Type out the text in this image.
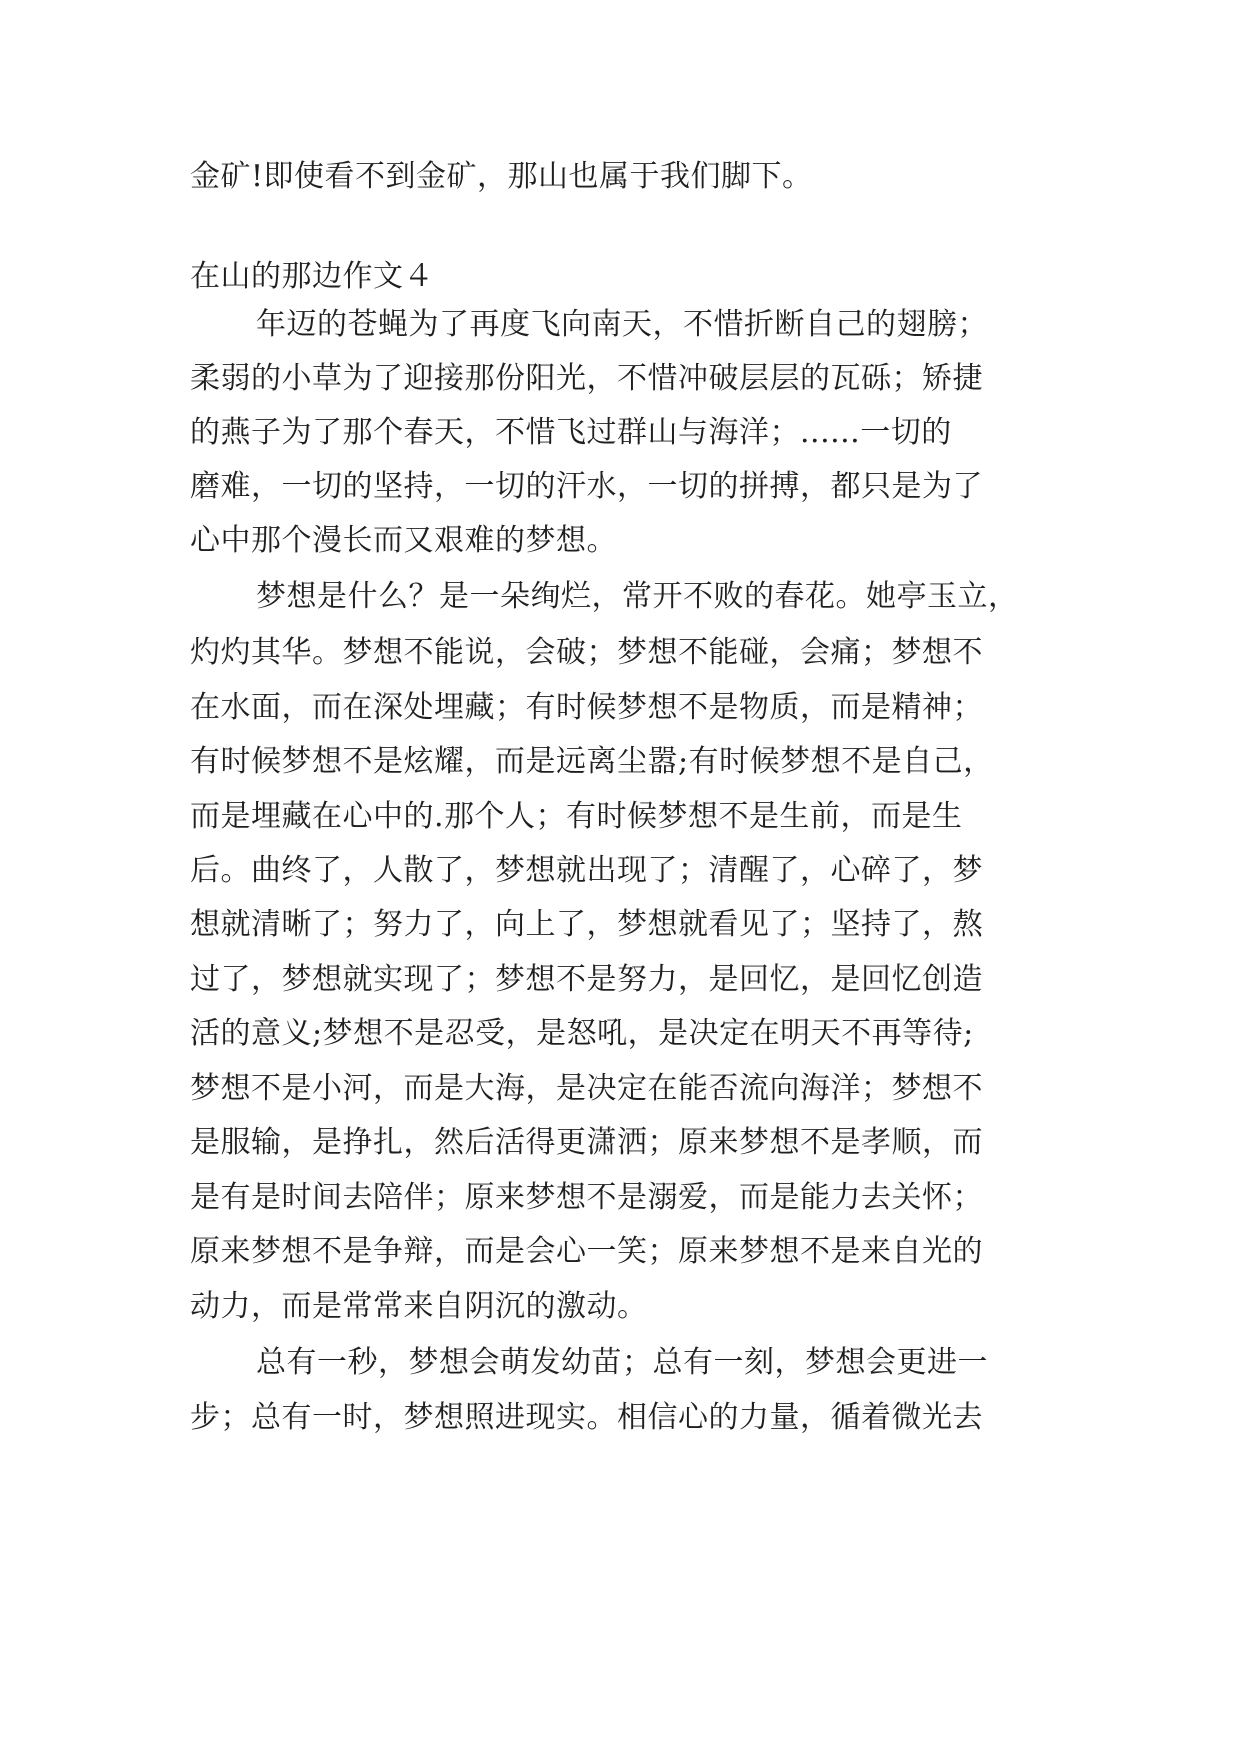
金矿!即使看不到金矿，那山也属于我们脚下。
在山的那边作文４
年迈的苍蝇为了再度飞向南天，不惜折断自己的翅膀；
柔弱的小草为了迎接那份阳光，不惜冲破层层的瓦砾；矫捷
的燕子为了那个春天，不惜飞过群山与海洋；......一切的
磨难，一切的坚持，一切的汗水，一切的拼搏，都只是为了
心中那个漫长而又艰难的梦想。
梦想是什么？是一朵绚烂，常开不败的春花。她亭玉立，
灼灼其华。梦想不能说，会破；梦想不能碰，会痛；梦想不
在水面，而在深处埋藏；有时候梦想不是物质，而是精神；
有时候梦想不是炫耀，而是远离尘嚣;有时候梦想不是自己，
而是埋藏在心中的.那个人；有时候梦想不是生前，而是生
后。曲终了，人散了，梦想就出现了；清醒了，心碎了，梦
想就清晰了；努力了，向上了，梦想就看见了；坚持了，熬
过了，梦想就实现了；梦想不是努力，是回忆，是回忆创造
活的意义;梦想不是忍受，是怒吼，是决定在明天不再等待;
梦想不是小河，而是大海，是决定在能否流向海洋；梦想不
是服输，是挣扎，然后活得更潇洒；原来梦想不是孝顺，而
是有是时间去陪伴；原来梦想不是溺爱，而是能力去关怀；
原来梦想不是争辩，而是会心一笑；原来梦想不是来自光的
动力，而是常常来自阴沉的激动。
总有一秒，梦想会萌发幼苗；总有一刻，梦想会更进一
步；总有一时，梦想照进现实。相信心的力量，循着微光去
